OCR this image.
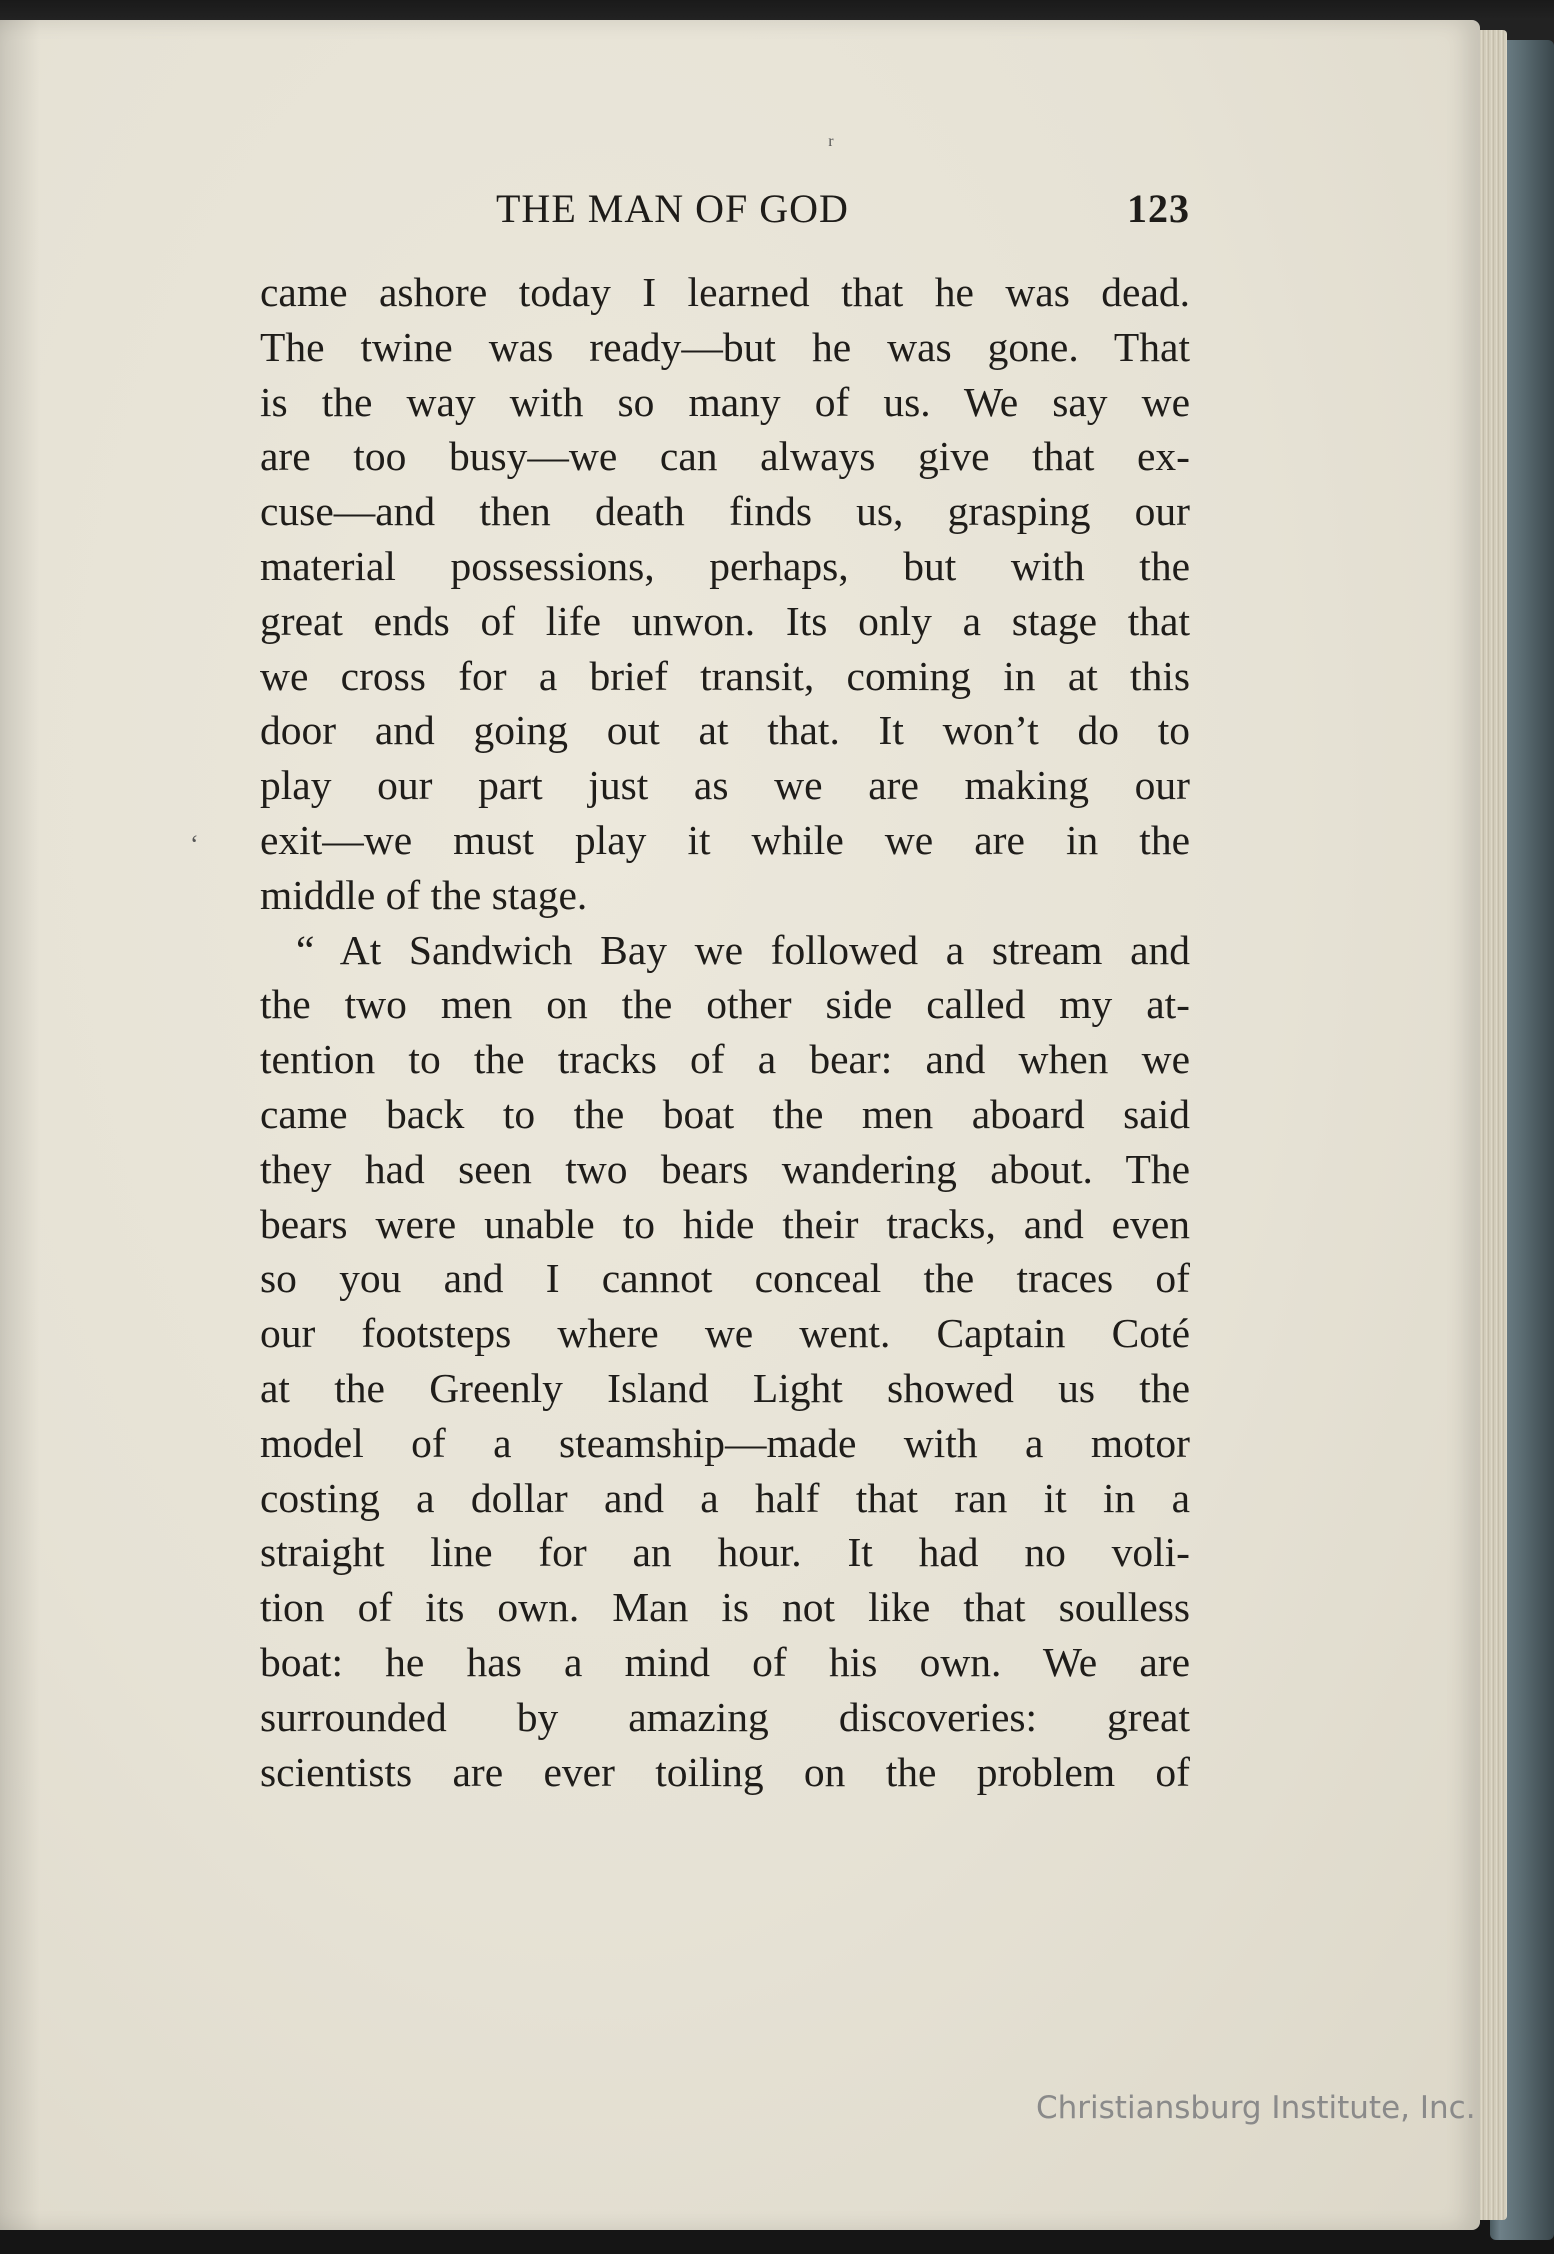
ʳ
ʻ
THE MAN OF GOD	123
came ashore today I learned that he was dead.
The twine was ready—but he was gone. That
is the way with so many of us. We say we
are too busy—we can always give that ex-
cuse—and then death finds us, grasping our
material possessions, perhaps, but with the
great ends of life unwon. Its only a stage that
we cross for a brief transit, coming in at this
door and going out at that. It won’t do to
play our part just as we are making our
exit—we must play it while we are in the
middle of the stage.
“ At Sandwich Bay we followed a stream and
the two men on the other side called my at-
tention to the tracks of a bear: and when we
came back to the boat the men aboard said
they had seen two bears wandering about. The
bears were unable to hide their tracks, and even
so you and I cannot conceal the traces of
our footsteps where we went. Captain Coté
at the Greenly Island Light showed us the
model of a steamship—made with a motor
costing a dollar and a half that ran it in a
straight line for an hour. It had no voli-
tion of its own. Man is not like that soulless
boat: he has a mind of his own. We are
surrounded by amazing discoveries: great
scientists are ever toiling on the problem of
Christiansburg Institute, Inc.
